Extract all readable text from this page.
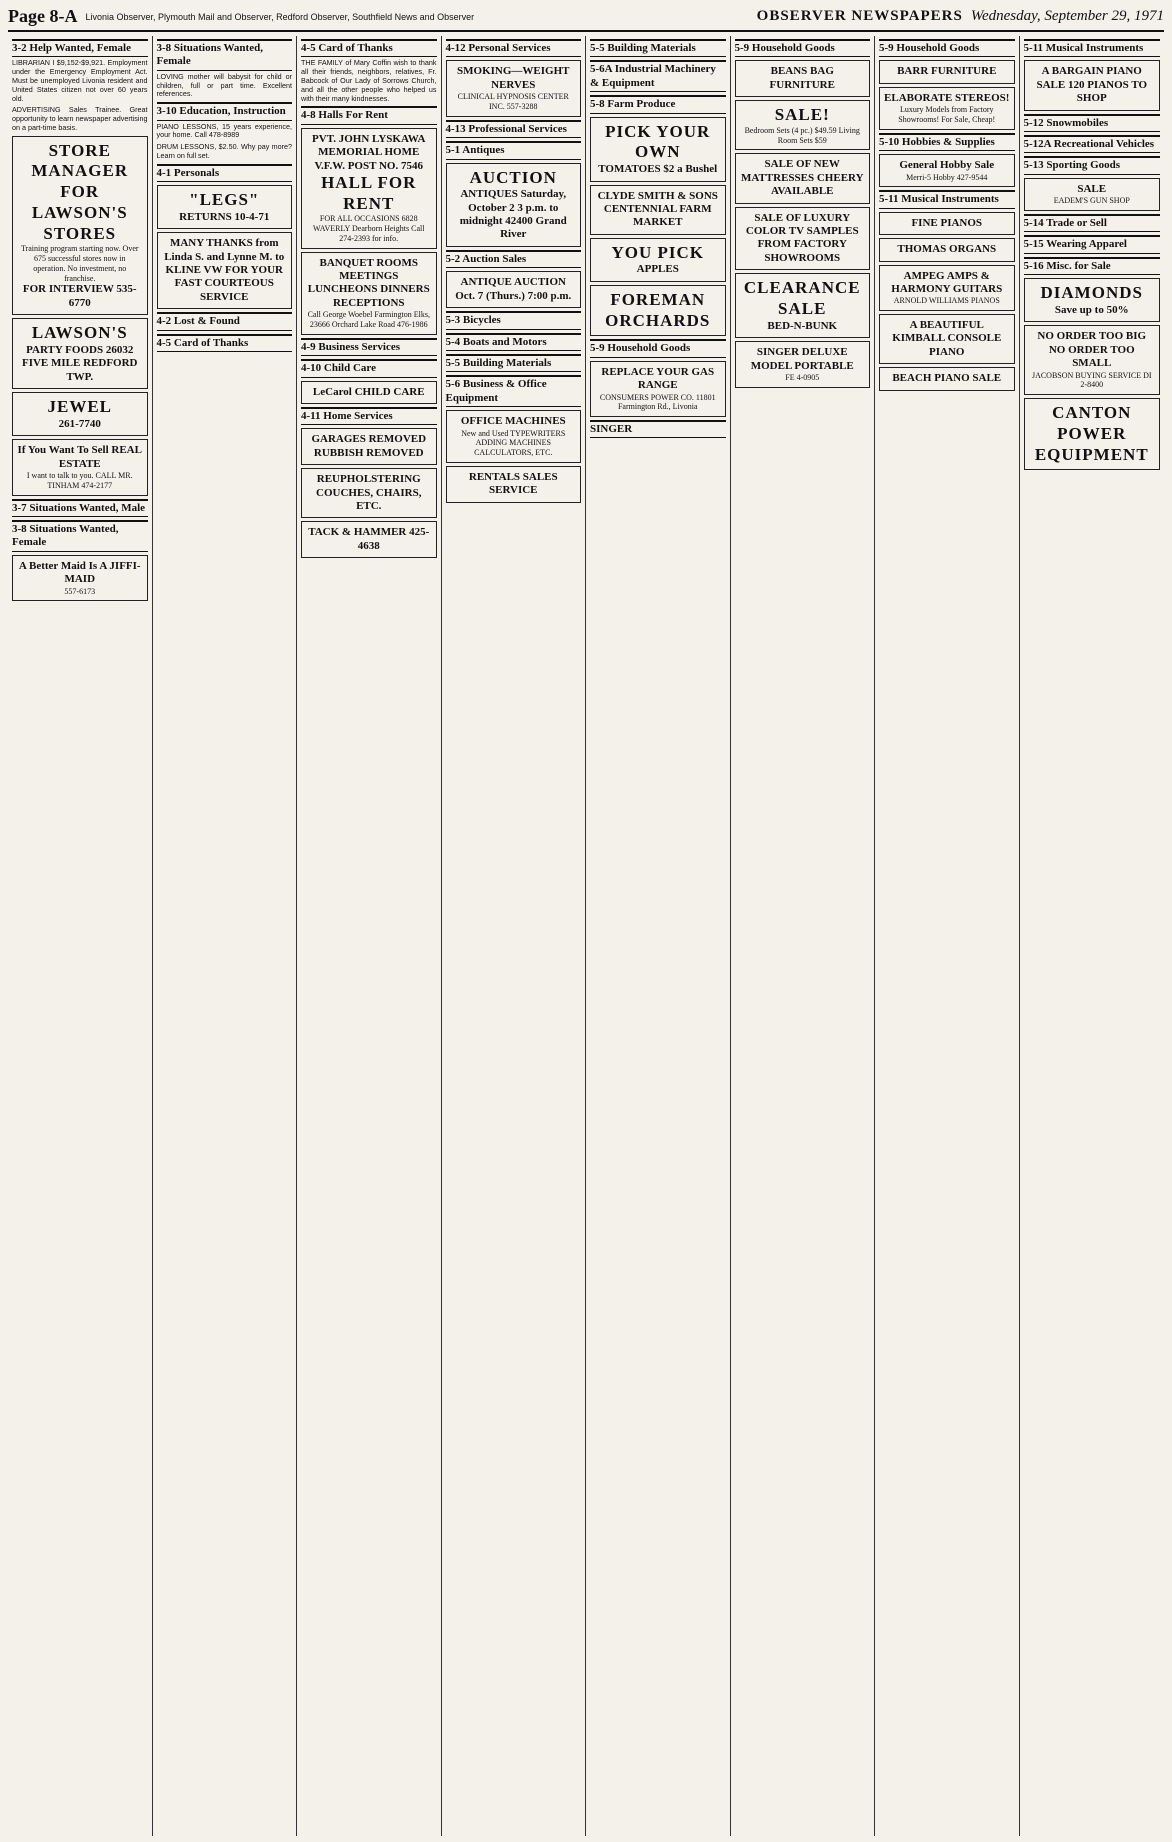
Page 8-A Livonia Observer, Plymouth Mail and Observer, Redford Observer, Southfield News and Observer	OBSERVER NEWSPAPERS Wednesday, September 29, 1971
3-2 Help Wanted, Female
LIBRARIAN I $9,152-$9,921. Employment under the Emergency Employment Act. Must be unemployed Livonia resident and United States citizen not over 60 years old.
ADVERTISING Sales Trainee. Great opportunity to learn newspaper advertising on a part-time basis.
STORE MANAGER FOR LAWSON'S STORES
Training program starting now. Over 675 successful stores now in operation. No investment, no franchise.
FOR INTERVIEW 535-6770
LAWSON'S
PARTY FOODS 26032 FIVE MILE REDFORD TWP.
JEWEL
261-7740
If You Want To Sell REAL ESTATE
I want to talk to you. CALL MR. TINHAM 474-2177
3-7 Situations Wanted, Male
3-8 Situations Wanted, Female
A Better Maid Is A JIFFI-MAID
557-6173
3-8 Situations Wanted, Female
LOVING mother will babysit for child or children, full or part time. Excellent references.
3-10 Education, Instruction
PIANO LESSONS, 15 years experience, your home. Call 478-8989
DRUM LESSONS, $2.50. Why pay more? Learn on full set.
4-1 Personals
"LEGS"
RETURNS 10-4-71
MANY THANKS from Linda S. and Lynne M. to KLINE VW FOR YOUR FAST COURTEOUS SERVICE
4-2 Lost & Found
4-5 Card of Thanks
4-5 Card of Thanks
THE FAMILY of Mary Coffin wish to thank all their friends, neighbors, relatives, Fr. Babcock of Our Lady of Sorrows Church, and all the other people who helped us with their many kindnesses.
4-8 Halls For Rent
PVT. JOHN LYSKAWA MEMORIAL HOME V.F.W. POST NO. 7546
HALL FOR RENT
FOR ALL OCCASIONS 6828 WAVERLY Dearborn Heights Call 274-2393 for info.
BANQUET ROOMS MEETINGS LUNCHEONS DINNERS RECEPTIONS
Call George Woebel Farmington Elks, 23666 Orchard Lake Road 476-1986
4-9 Business Services
4-10 Child Care
LeCarol CHILD CARE
4-11 Home Services
GARAGES REMOVED RUBBISH REMOVED
REUPHOLSTERING COUCHES, CHAIRS, ETC.
TACK & HAMMER 425-4638
4-12 Personal Services
SMOKING—WEIGHT NERVES
CLINICAL HYPNOSIS CENTER INC. 557-3288
4-13 Professional Services
5-1 Antiques
AUCTION
ANTIQUES Saturday, October 2 3 p.m. to midnight 42400 Grand River
5-2 Auction Sales
ANTIQUE AUCTION Oct. 7 (Thurs.) 7:00 p.m.
5-3 Bicycles
5-4 Boats and Motors
5-5 Building Materials
5-6 Business & Office Equipment
OFFICE MACHINES
New and Used TYPEWRITERS ADDING MACHINES CALCULATORS, ETC.
RENTALS SALES SERVICE
5-5 Building Materials
5-6A Industrial Machinery & Equipment
5-8 Farm Produce
PICK YOUR OWN
TOMATOES $2 a Bushel
CLYDE SMITH & SONS CENTENNIAL FARM MARKET
YOU PICK
APPLES
FOREMAN ORCHARDS
5-9 Household Goods
REPLACE YOUR GAS RANGE
CONSUMERS POWER CO. 11801 Farmington Rd., Livonia
SINGER
5-9 Household Goods
BEANS BAG FURNITURE
SALE!
Bedroom Sets (4 pc.) $49.59 Living Room Sets $59
SALE OF NEW MATTRESSES CHEERY AVAILABLE
SALE OF LUXURY COLOR TV SAMPLES FROM FACTORY SHOWROOMS
CLEARANCE SALE
BED-N-BUNK
SINGER DELUXE MODEL PORTABLE
FE 4-0905
5-9 Household Goods
BARR FURNITURE
ELABORATE STEREOS!
Luxury Models from Factory Showrooms! For Sale, Cheap!
5-10 Hobbies & Supplies
General Hobby Sale
Merri-5 Hobby 427-9544
5-11 Musical Instruments
FINE PIANOS
THOMAS ORGANS
AMPEG AMPS & HARMONY GUITARS
ARNOLD WILLIAMS PIANOS
A BEAUTIFUL KIMBALL CONSOLE PIANO
BEACH PIANO SALE
5-11 Musical Instruments
A BARGAIN PIANO SALE 120 PIANOS TO SHOP
5-12 Snowmobiles
5-12A Recreational Vehicles
5-13 Sporting Goods
SALE
EADEM'S GUN SHOP
5-14 Trade or Sell
5-15 Wearing Apparel
5-16 Misc. for Sale
DIAMONDS
Save up to 50%
NO ORDER TOO BIG NO ORDER TOO SMALL
JACOBSON BUYING SERVICE DI 2-8400
CANTON POWER EQUIPMENT
